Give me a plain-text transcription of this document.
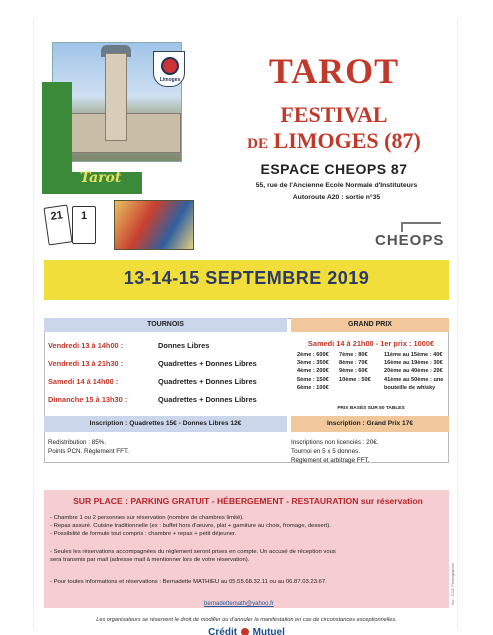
Limoges
Tarot
21	1
TAROT
FESTIVAL
DE LIMOGES (87)
ESPACE CHEOPS 87
55, rue de l'Ancienne Ecole Normale d'Instituteurs
Autoroute A20 : sortie n°35
CHEOPS
13-14-15 SEPTEMBRE 2019
TOURNOIS	GRAND PRIX
Vendredi 13 à 14h00 :	Donnes Libres
Vendredi 13 à 21h30 :	Quadrettes + Donnes Libres
Samedi 14 à 14h00 :	Quadrettes + Donnes Libres
Dimanche 15 à 13h30 :	Quadrettes + Donnes Libres
Samedi 14 à 21h00 - 1er prix : 1000€
2ème : 600€
3ème : 350€
4ème : 200€
5ème : 150€
6ème : 100€
7ème : 80€
8ème : 70€
9ème : 60€
10ème : 50€
11ème au 15ème : 40€
16ème au 19ème : 30€
20ème au 40ème : 20€
41ème au 50ème : une
bouteille de whisky
PRIX BASÉS SUR 50 TABLES
Inscription : Quadrettes 15€ - Donnes Libres 12€	Inscription : Grand Prix 17€
Redistribution : 85%.
Points PCN. Règlement FFT.
Inscriptions non licenciés : 20€.
Tournoi en 5 x 5 donnes.
Règlement et arbitrage FFT.
SUR PLACE : PARKING GRATUIT - HÉBERGEMENT - RESTAURATION sur réservation
- Chambre 1 ou 2 personnes sur réservation (nombre de chambres limité).
- Repas assuré. Cuisine traditionnelle (ex : buffet hors d'œuvre, plat + garniture au choix, fromage, dessert).
- Possibilité de formule tout compris : chambre + repas + petit déjeuner.
- Seules les réservations accompagnées du règlement seront prises en compte. Un accusé de réception vous
sera transmis par mail (adresse mail à mentionner lors de votre réservation).
- Pour toutes informations et réservations : Bernadette MATHIEU au 05.55.68.32.11 ou au 06.87.03.23.67.
bernadettemath@yahoo.fr	Illu : CCE Photographie
Les organisateurs se réservent le droit de modifier ou d'annuler la manifestation en cas de circonstances exceptionnelles.
Crédit Mutuel
